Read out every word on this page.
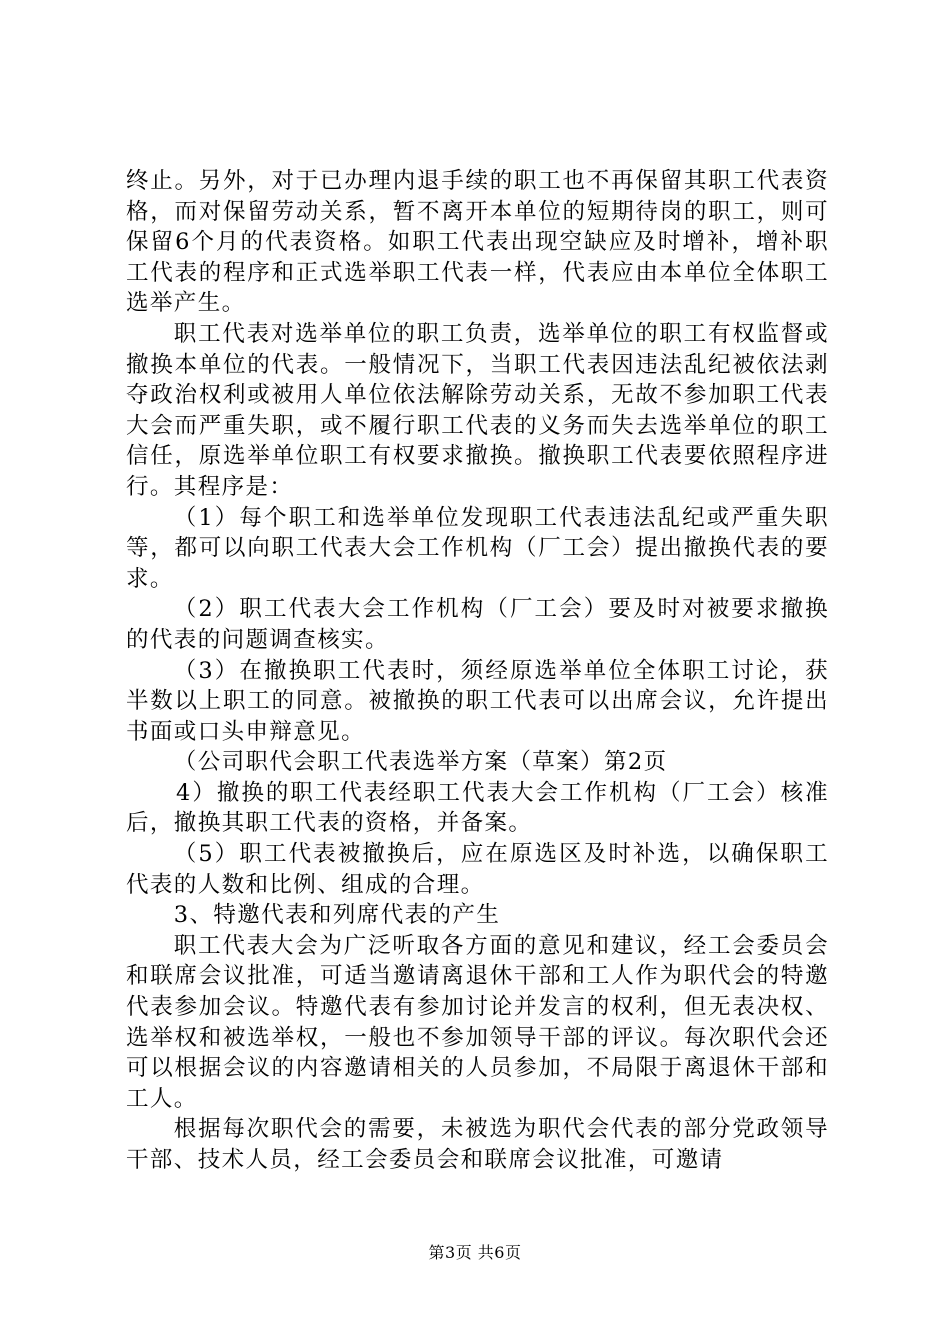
终止。另外，对于已办理内退手续的职工也不再保留其职工代表资格，而对保留劳动关系，暂不离开本单位的短期待岗的职工，则可保留6个月的代表资格。如职工代表出现空缺应及时增补，增补职工代表的程序和正式选举职工代表一样，代表应由本单位全体职工选举产生。

职工代表对选举单位的职工负责，选举单位的职工有权监督或撤换本单位的代表。一般情况下，当职工代表因违法乱纪被依法剥夺政治权利或被用人单位依法解除劳动关系，无故不参加职工代表大会而严重失职，或不履行职工代表的义务而失去选举单位的职工信任，原选举单位职工有权要求撤换。撤换职工代表要依照程序进行。其程序是：

（1）每个职工和选举单位发现职工代表违法乱纪或严重失职等，都可以向职工代表大会工作机构（厂工会）提出撤换代表的要求。

（2）职工代表大会工作机构（厂工会）要及时对被要求撤换的代表的问题调查核实。

（3）在撤换职工代表时，须经原选举单位全体职工讨论，获半数以上职工的同意。被撤换的职工代表可以出席会议，允许提出书面或口头申辩意见。

（公司职代会职工代表选举方案（草案）第2页

4）撤换的职工代表经职工代表大会工作机构（厂工会）核准后，撤换其职工代表的资格，并备案。

（5）职工代表被撤换后，应在原选区及时补选，以确保职工代表的人数和比例、组成的合理。

3、特邀代表和列席代表的产生

职工代表大会为广泛听取各方面的意见和建议，经工会委员会和联席会议批准，可适当邀请离退休干部和工人作为职代会的特邀代表参加会议。特邀代表有参加讨论并发言的权利，但无表决权、选举权和被选举权，一般也不参加领导干部的评议。每次职代会还可以根据会议的内容邀请相关的人员参加，不局限于离退休干部和工人。

根据每次职代会的需要，未被选为职代会代表的部分党政领导干部、技术人员，经工会委员会和联席会议批准，可邀请

第3页 共6页
